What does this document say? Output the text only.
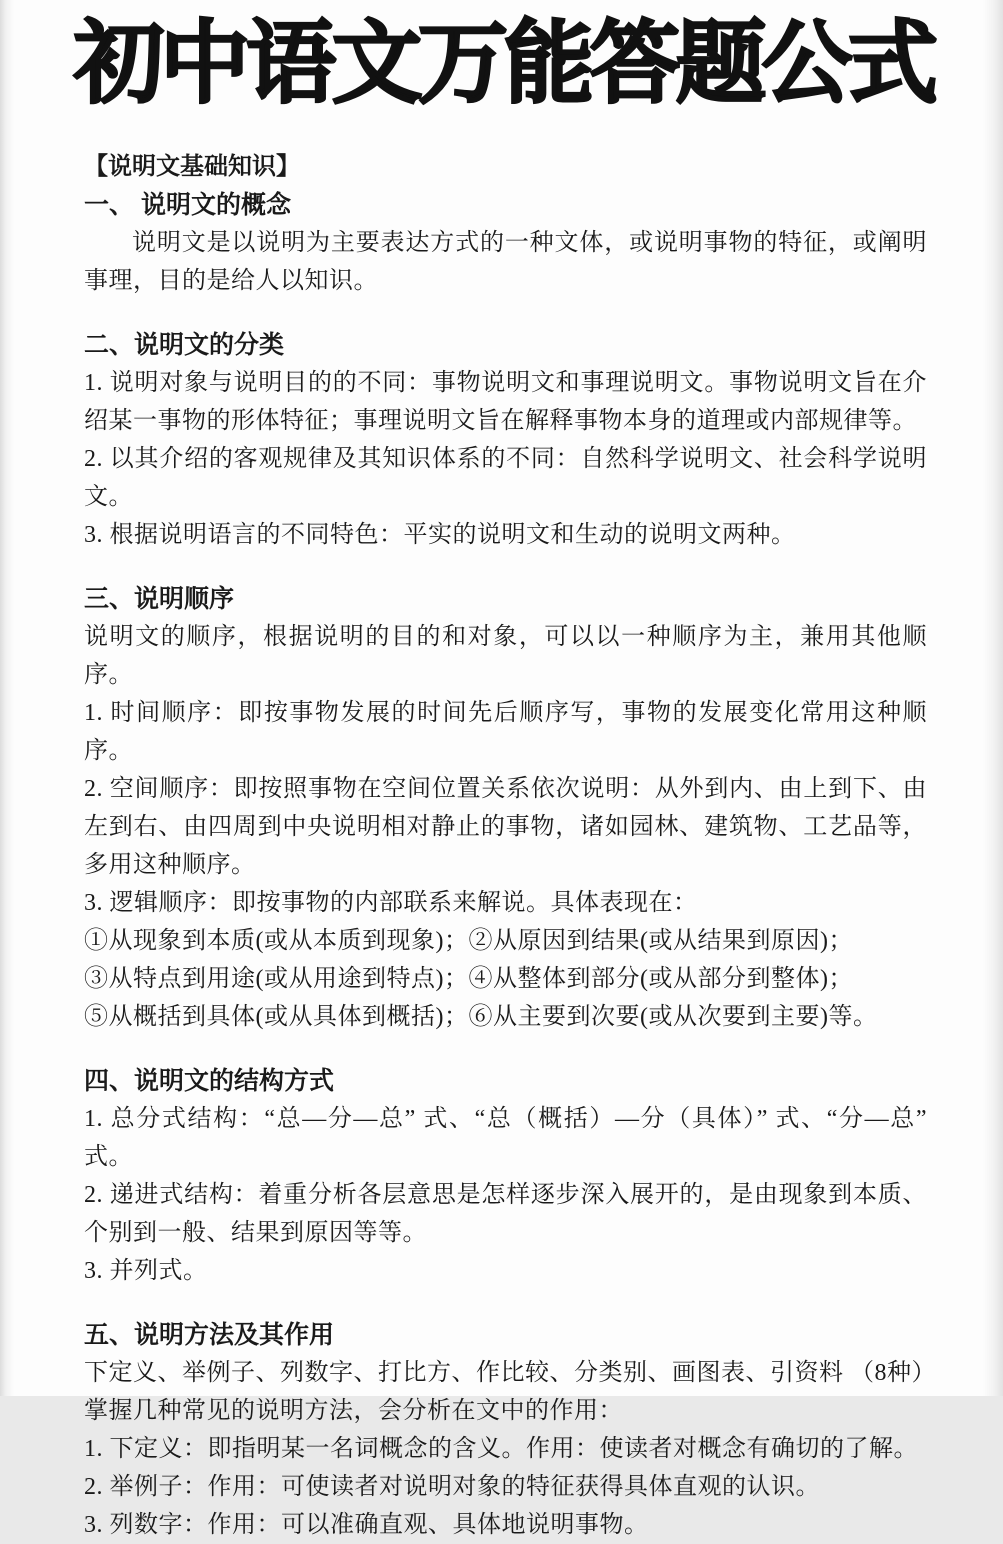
初中语文万能答题公式
【说明文基础知识】
一、 说明文的概念

说明文是以说明为主要表达方式的一种文体，或说明事物的特征，或阐明事理，目的是给人以知识。

二、说明文的分类

1. 说明对象与说明目的的不同：事物说明文和事理说明文。事物说明文旨在介绍某一事物的形体特征；事理说明文旨在解释事物本身的道理或内部规律等。

2. 以其介绍的客观规律及其知识体系的不同：自然科学说明文、社会科学说明文。

3. 根据说明语言的不同特色：平实的说明文和生动的说明文两种。

三、说明顺序

说明文的顺序，根据说明的目的和对象，可以以一种顺序为主，兼用其他顺序。

1. 时间顺序：即按事物发展的时间先后顺序写，事物的发展变化常用这种顺序。

2. 空间顺序：即按照事物在空间位置关系依次说明：从外到内、由上到下、由左到右、由四周到中央说明相对静止的事物，诸如园林、建筑物、工艺品等，多用这种顺序。

3. 逻辑顺序：即按事物的内部联系来解说。具体表现在：

①从现象到本质(或从本质到现象)；②从原因到结果(或从结果到原因)；

③从特点到用途(或从用途到特点)；④从整体到部分(或从部分到整体)；

⑤从概括到具体(或从具体到概括)；⑥从主要到次要(或从次要到主要)等。

四、说明文的结构方式

1. 总分式结构：“总—分—总” 式、“总（概括）—分（具体）” 式、“分—总” 式。

2. 递进式结构：着重分析各层意思是怎样逐步深入展开的，是由现象到本质、个别到一般、结果到原因等等。

3. 并列式。

五、说明方法及其作用

下定义、举例子、列数字、打比方、作比较、分类别、画图表、引资料 （8种）

掌握几种常见的说明方法，会分析在文中的作用：

1. 下定义：即指明某一名词概念的含义。作用：使读者对概念有确切的了解。

2. 举例子：作用：可使读者对说明对象的特征获得具体直观的认识。

3. 列数字：作用：可以准确直观、具体地说明事物。
